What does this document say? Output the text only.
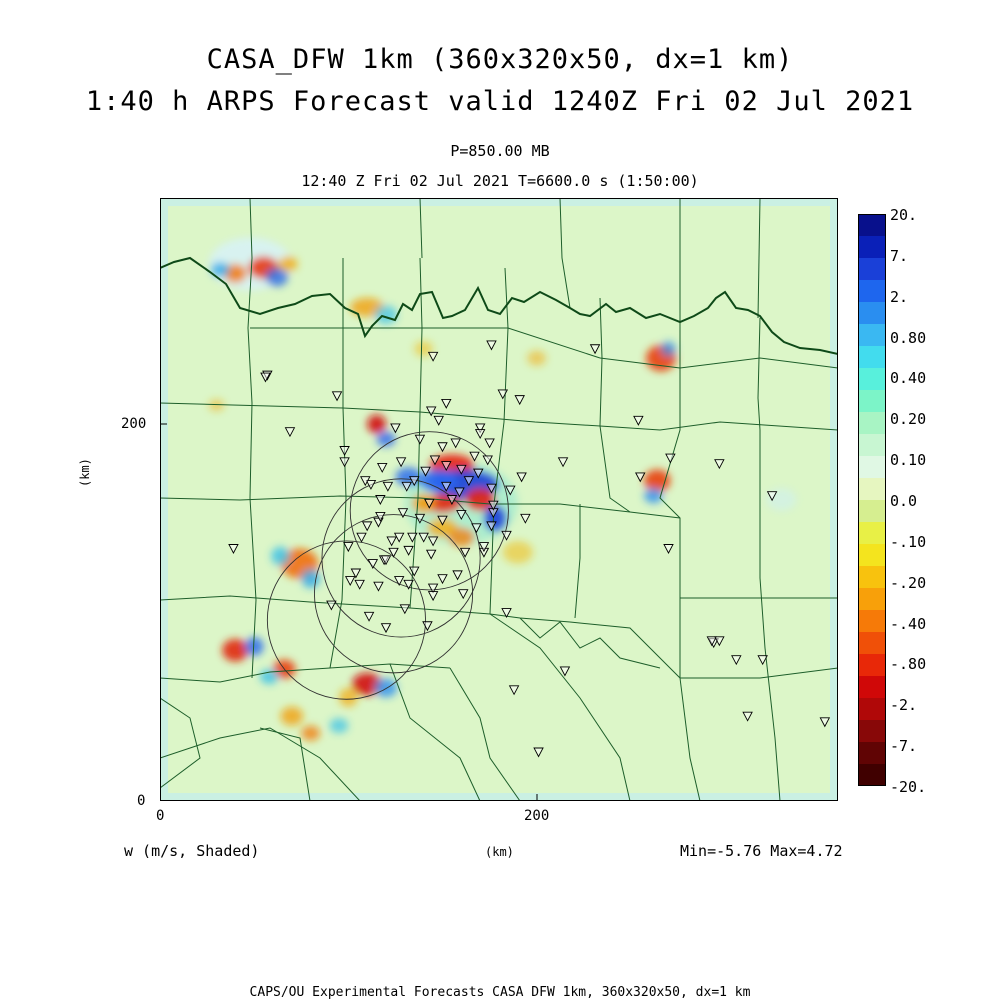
CASA_DFW 1km (360x320x50, dx=1 km)
1:40 h ARPS Forecast valid 1240Z Fri 02 Jul 2021
P=850.00 MB
12:40 Z Fri 02 Jul 2021 T=6600.0 s (1:50:00)
0
200
0	200
(km)
(km)
w (m/s, Shaded)	Min=-5.76 Max=4.72
20.
7.
2.
0.80
0.40
0.20
0.10
0.0
-.10
-.20
-.40
-.80
-2.
-7.
-20.
CAPS/OU Experimental Forecasts CASA DFW 1km, 360x320x50, dx=1 km
